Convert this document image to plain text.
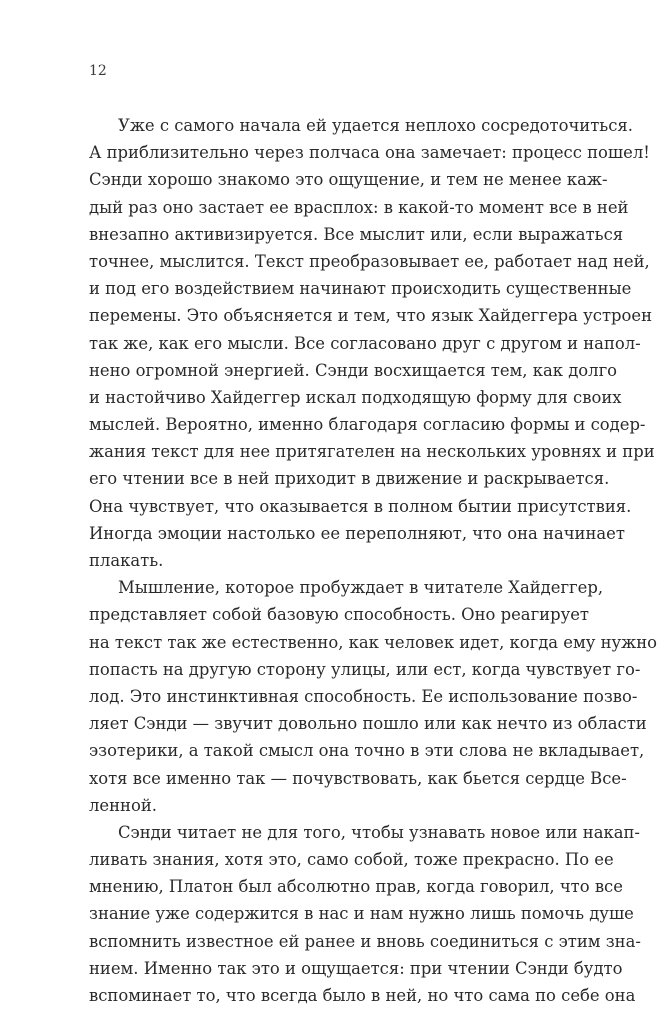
12
Уже с самого начала ей удается неплохо сосредоточиться.
А приблизительно через полчаса она замечает: процесс пошел!
Сэнди хорошо знакомо это ощущение, и тем не менее каж-
дый раз оно застает ее врасплох: в какой-то момент все в ней
внезапно активизируется. Все мыслит или, если выражаться
точнее, мыслится. Текст преобразовывает ее, работает над ней,
и под его воздействием начинают происходить существенные
перемены. Это объясняется и тем, что язык Хайдеггера устроен
так же, как его мысли. Все согласовано друг с другом и напол-
нено огромной энергией. Сэнди восхищается тем, как долго
и настойчиво Хайдеггер искал подходящую форму для своих
мыслей. Вероятно, именно благодаря согласию формы и содер-
жания текст для нее притягателен на нескольких уровнях и при
его чтении все в ней приходит в движение и раскрывается.
Она чувствует, что оказывается в полном бытии присутствия.
Иногда эмоции настолько ее переполняют, что она начинает
плакать.
Мышление, которое пробуждает в читателе Хайдеггер,
представляет собой базовую способность. Оно реагирует
на текст так же естественно, как человек идет, когда ему нужно
попасть на другую сторону улицы, или ест, когда чувствует го-
лод. Это инстинктивная способность. Ее использование позво-
ляет Сэнди — звучит довольно пошло или как нечто из области
эзотерики, а такой смысл она точно в эти слова не вкладывает,
хотя все именно так — почувствовать, как бьется сердце Все-
ленной.
Сэнди читает не для того, чтобы узнавать новое или накап-
ливать знания, хотя это, само собой, тоже прекрасно. По ее
мнению, Платон был абсолютно прав, когда говорил, что все
знание уже содержится в нас и нам нужно лишь помочь душе
вспомнить известное ей ранее и вновь соединиться с этим зна-
нием. Именно так это и ощущается: при чтении Сэнди будто
вспоминает то, что всегда было в ней, но что сама по себе она
